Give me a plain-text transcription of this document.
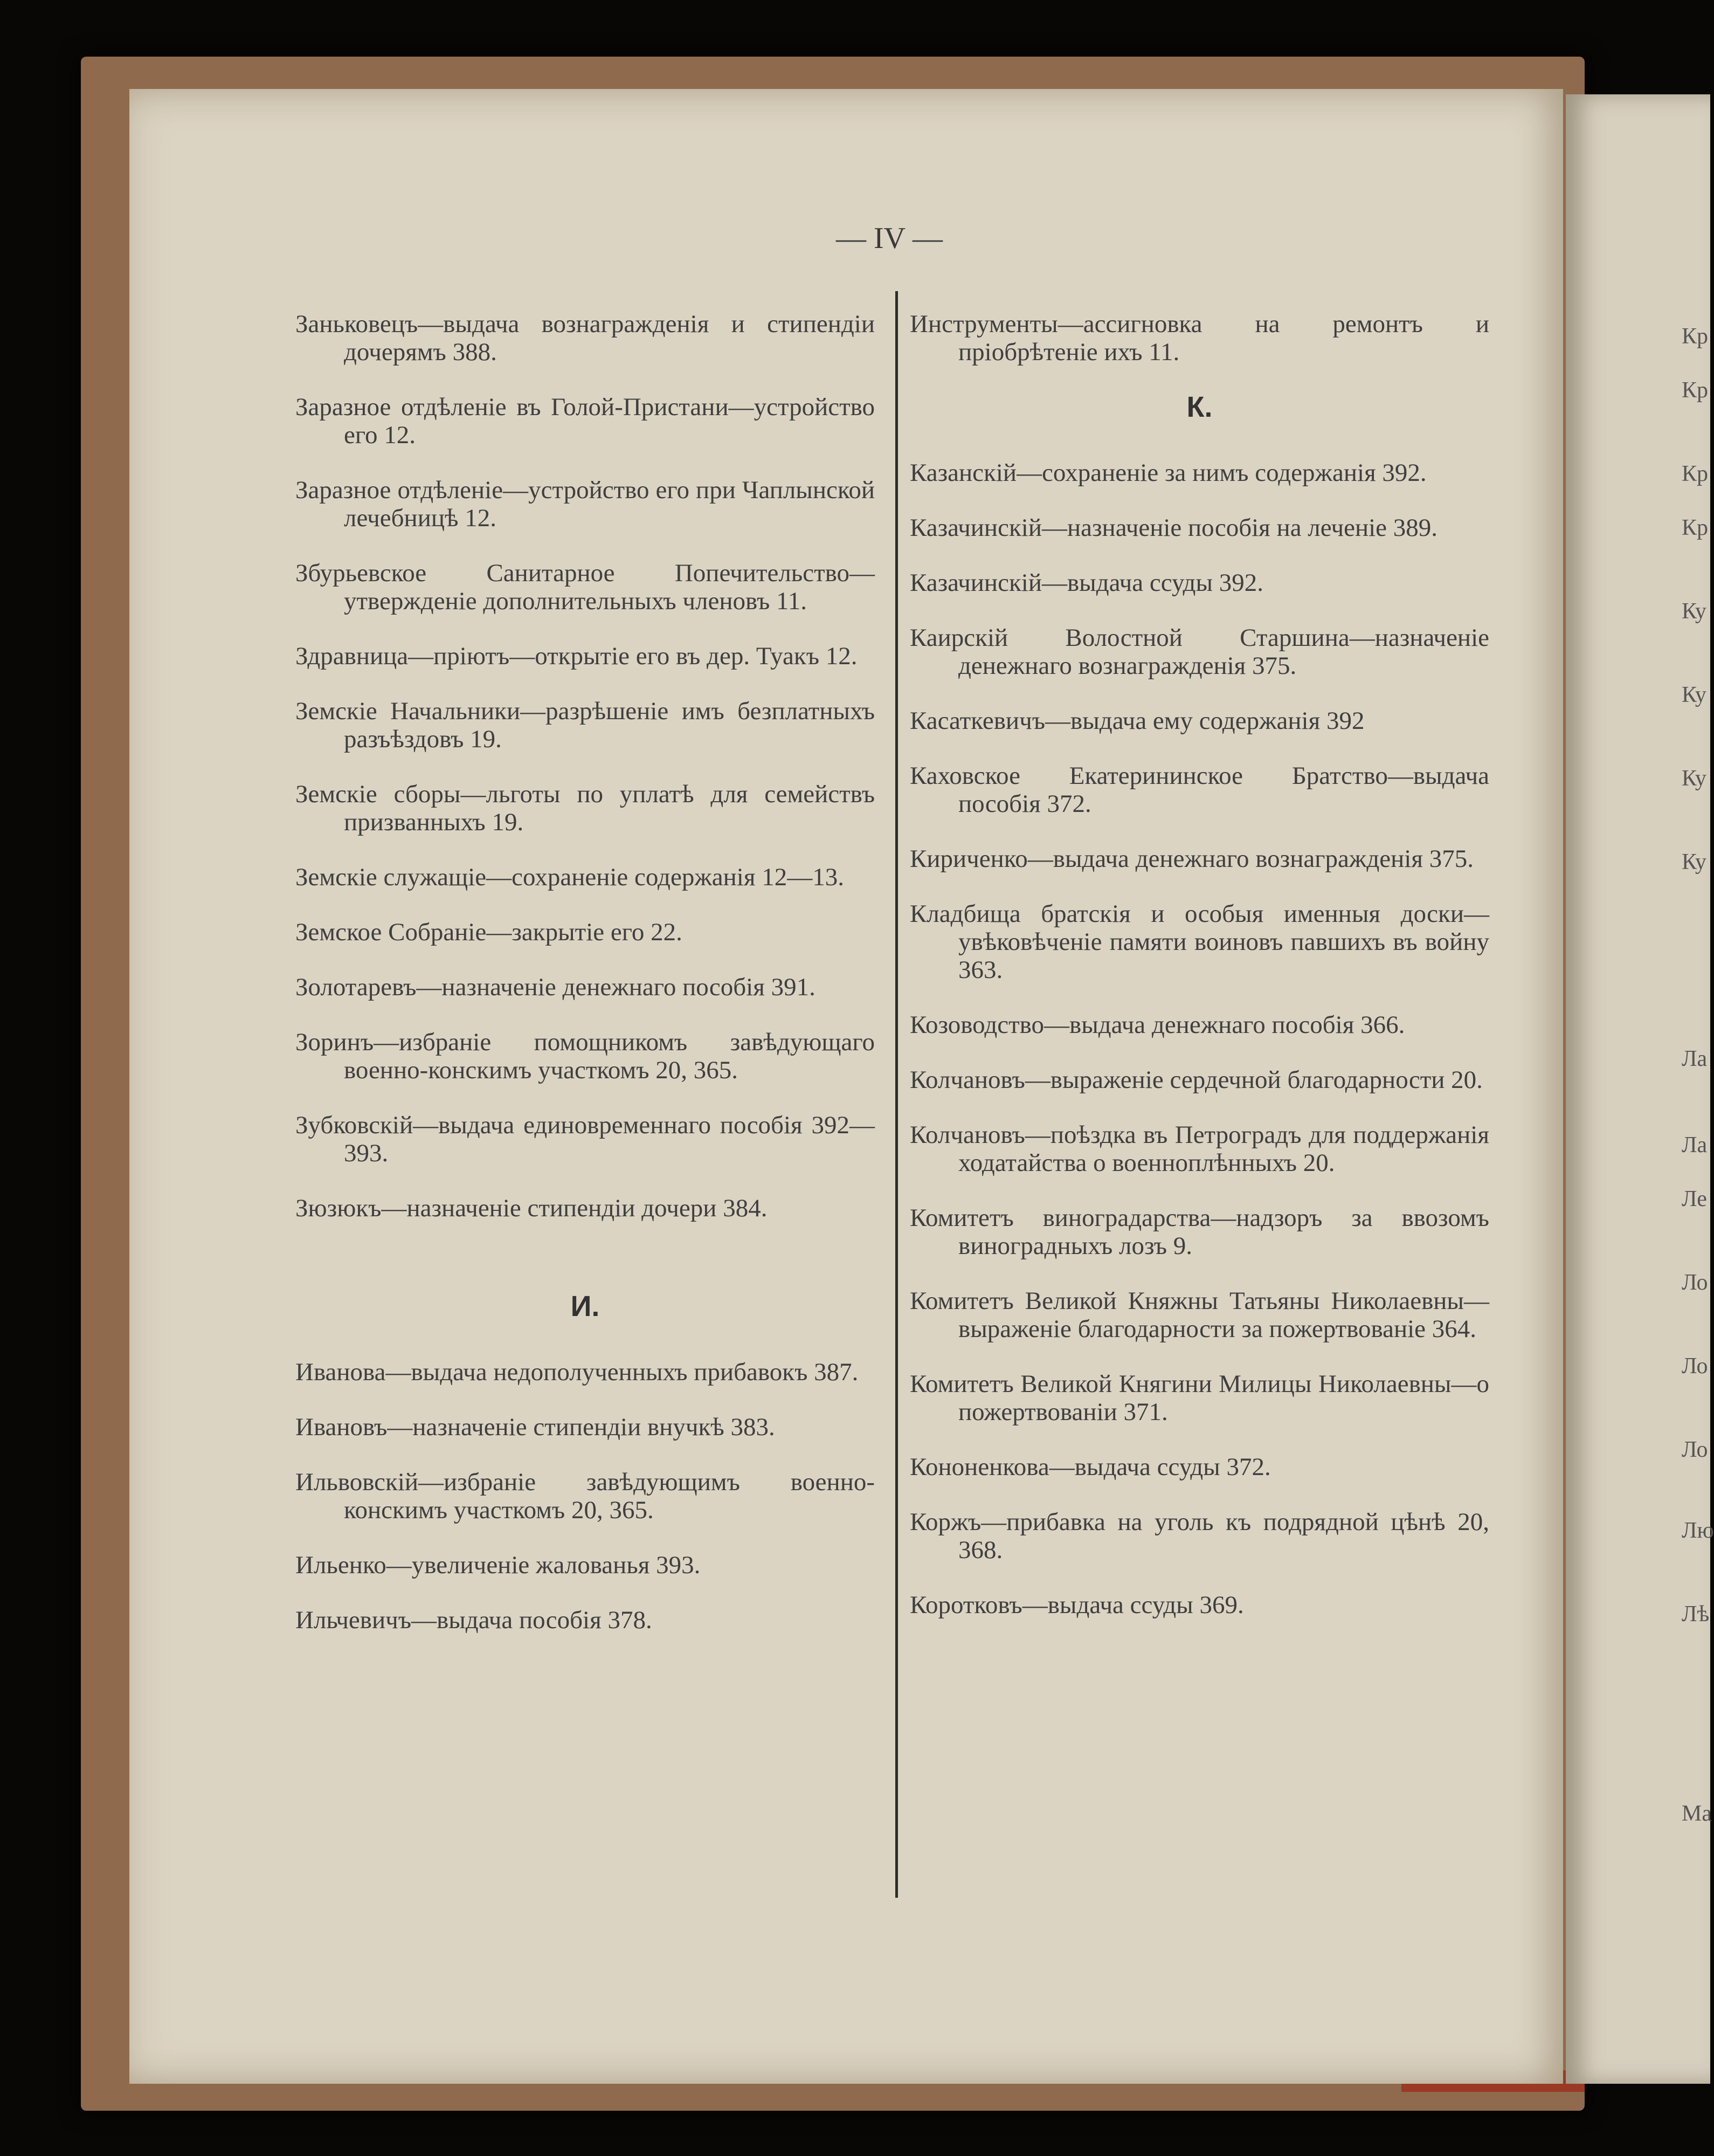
— IV —

Заньковецъ—выдача вознагражденія и стипендіи дочерямъ 388.

Заразное отдѣленіе въ Голой-Пристани—устройство его 12.

Заразное отдѣленіе—устройство его при Чаплынской лечебницѣ 12.

Збурьевское Санитарное Попечительство—утвержденіе дополнительныхъ членовъ 11.

Здравница—пріютъ—открытіе его въ дер. Туакъ 12.

Земскіе Начальники—разрѣшеніе имъ безплатныхъ разъѣздовъ 19.

Земскіе сборы—льготы по уплатѣ для семействъ призванныхъ 19.

Земскіе служащіе—сохраненіе содержанія 12—13.

Земское Собраніе—закрытіе его 22.

Золотаревъ—назначеніе денежнаго пособія 391.

Зоринъ—избраніе помощникомъ завѣдующаго военно-конскимъ участкомъ 20, 365.

Зубковскій—выдача единовременнаго пособія 392—393.

Зюзюкъ—назначеніе стипендіи дочери 384.

И.

Иванова—выдача недополученныхъ прибавокъ 387.

Ивановъ—назначеніе стипендіи внучкѣ 383.

Ильвовскій—избраніе завѣдующимъ военно-конскимъ участкомъ 20, 365.

Ильенко—увеличеніе жалованья 393.

Ильчевичъ—выдача пособія 378.

Инструменты—ассигновка на ремонтъ и пріобрѣтеніе ихъ 11.

К.

Казанскій—сохраненіе за нимъ содержанія 392.

Казачинскій—назначеніе пособія на леченіе 389.

Казачинскій—выдача ссуды 392.

Каирскій Волостной Старшина—назначеніе денежнаго вознагражденія 375.

Касаткевичъ—выдача ему содержанія 392

Каховское Екатерининское Братство—выдача пособія 372.

Кириченко—выдача денежнаго вознагражденія 375.

Кладбища братскія и особыя именныя доски—увѣковѣченіе памяти воиновъ павшихъ въ войну 363.

Козоводство—выдача денежнаго пособія 366.

Колчановъ—выраженіе сердечной благодарности 20.

Колчановъ—поѣздка въ Петроградъ для поддержанія ходатайства о военноплѣнныхъ 20.

Комитетъ виноградарства—надзоръ за ввозомъ виноградныхъ лозъ 9.

Комитетъ Великой Княжны Татьяны Николаевны—выраженіе благодарности за пожертвованіе 364.

Комитетъ Великой Княгини Милицы Николаевны—о пожертвованіи 371.

Кононенкова—выдача ссуды 372.

Коржъ—прибавка на уголь къ подрядной цѣнѣ 20, 368.

Коротковъ—выдача ссуды 369.

Кр
Кр
Кр
Кр
Ку
Ку
Ку
Ку
Ла
Ла
Ле
Ло
Ло
Ло
Лю
Лѣ
Ма
